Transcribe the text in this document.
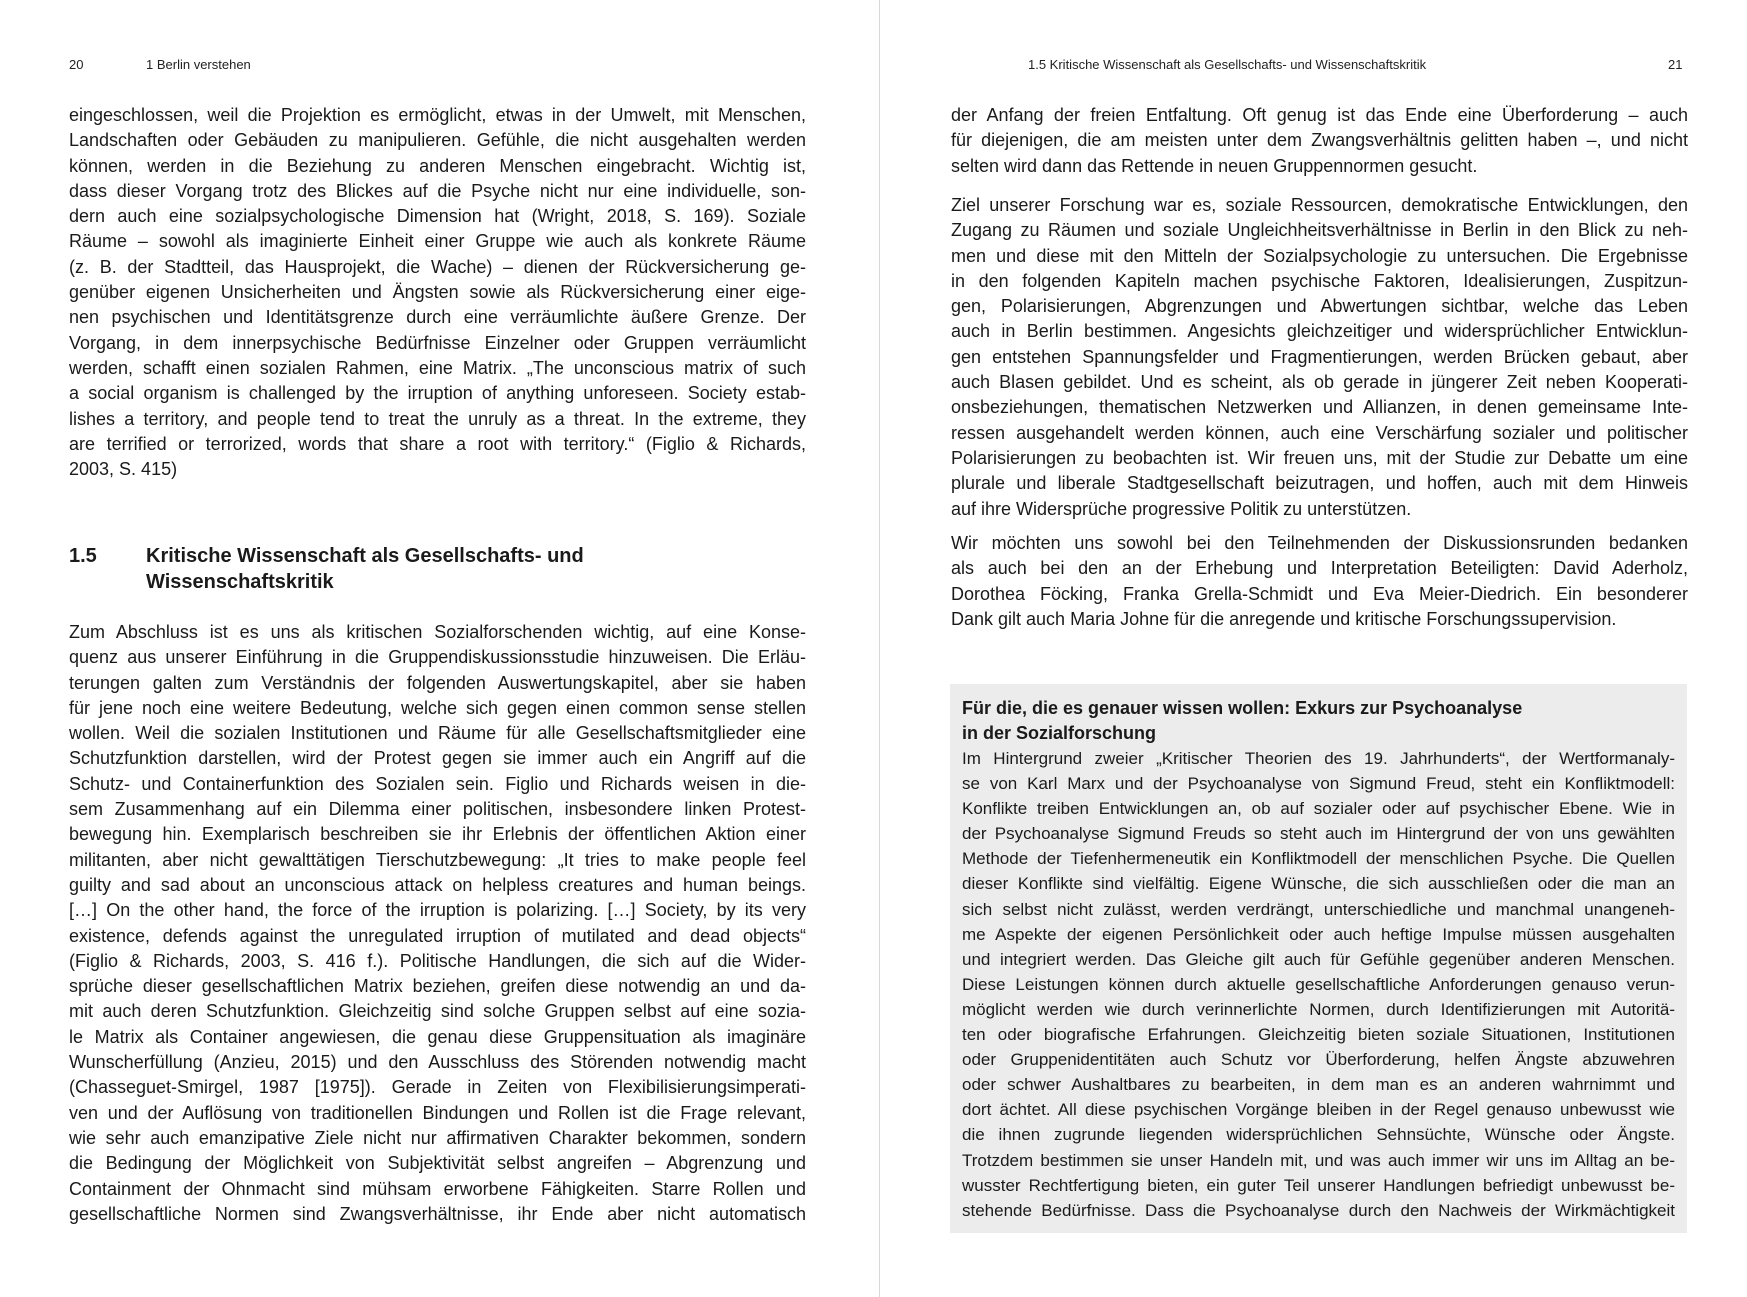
20	1 Berlin verstehen	1.5 Kritische Wissenschaft als Gesellschafts- und Wissenschaftskritik	21
eingeschlossen, weil die Projektion es ermöglicht, etwas in der Umwelt, mit Menschen,
Landschaften oder Gebäuden zu manipulieren. Gefühle, die nicht ausgehalten werden
können, werden in die Beziehung zu anderen Menschen eingebracht. Wichtig ist,
dass dieser Vorgang trotz des Blickes auf die Psyche nicht nur eine individuelle, son-
dern auch eine sozialpsychologische Dimension hat (Wright, 2018, S. 169). Soziale
Räume – sowohl als imaginierte Einheit einer Gruppe wie auch als konkrete Räume
(z. B. der Stadtteil, das Hausprojekt, die Wache) – dienen der Rückversicherung ge-
genüber eigenen Unsicherheiten und Ängsten sowie als Rückversicherung einer eige-
nen psychischen und Identitätsgrenze durch eine verräumlichte äußere Grenze. Der
Vorgang, in dem innerpsychische Bedürfnisse Einzelner oder Gruppen verräumlicht
werden, schafft einen sozialen Rahmen, eine Matrix. „The unconscious matrix of such
a social organism is challenged by the irruption of anything unforeseen. Society estab-
lishes a territory, and people tend to treat the unruly as a threat. In the extreme, they
are terrified or terrorized, words that share a root with territory.“ (Figlio & Richards,
2003, S. 415)
1.5 Kritische Wissenschaft als Gesellschafts- und
Wissenschaftskritik
Zum Abschluss ist es uns als kritischen Sozialforschenden wichtig, auf eine Konse-
quenz aus unserer Einführung in die Gruppendiskussionsstudie hinzuweisen. Die Erläu-
terungen galten zum Verständnis der folgenden Auswertungskapitel, aber sie haben
für jene noch eine weitere Bedeutung, welche sich gegen einen common sense stellen
wollen. Weil die sozialen Institutionen und Räume für alle Gesellschaftsmitglieder eine
Schutzfunktion darstellen, wird der Protest gegen sie immer auch ein Angriff auf die
Schutz- und Containerfunktion des Sozialen sein. Figlio und Richards weisen in die-
sem Zusammenhang auf ein Dilemma einer politischen, insbesondere linken Protest-
bewegung hin. Exemplarisch beschreiben sie ihr Erlebnis der öffentlichen Aktion einer
militanten, aber nicht gewalttätigen Tierschutzbewegung: „It tries to make people feel
guilty and sad about an unconscious attack on helpless creatures and human beings.
[…] On the other hand, the force of the irruption is polarizing. […] Society, by its very
existence, defends against the unregulated irruption of mutilated and dead objects“
(Figlio & Richards, 2003, S. 416 f.). Politische Handlungen, die sich auf die Wider-
sprüche dieser gesellschaftlichen Matrix beziehen, greifen diese notwendig an und da-
mit auch deren Schutzfunktion. Gleichzeitig sind solche Gruppen selbst auf eine sozia-
le Matrix als Container angewiesen, die genau diese Gruppensituation als imaginäre
Wunscherfüllung (Anzieu, 2015) und den Ausschluss des Störenden notwendig macht
(Chasseguet-Smirgel, 1987 [1975]). Gerade in Zeiten von Flexibilisierungsimperati-
ven und der Auflösung von traditionellen Bindungen und Rollen ist die Frage relevant,
wie sehr auch emanzipative Ziele nicht nur affirmativen Charakter bekommen, sondern
die Bedingung der Möglichkeit von Subjektivität selbst angreifen – Abgrenzung und
Containment der Ohnmacht sind mühsam erworbene Fähigkeiten. Starre Rollen und
gesellschaftliche Normen sind Zwangsverhältnisse, ihr Ende aber nicht automatisch
der Anfang der freien Entfaltung. Oft genug ist das Ende eine Überforderung – auch
für diejenigen, die am meisten unter dem Zwangsverhältnis gelitten haben –, und nicht
selten wird dann das Rettende in neuen Gruppennormen gesucht.
Ziel unserer Forschung war es, soziale Ressourcen, demokratische Entwicklungen, den
Zugang zu Räumen und soziale Ungleichheitsverhältnisse in Berlin in den Blick zu neh-
men und diese mit den Mitteln der Sozialpsychologie zu untersuchen. Die Ergebnisse
in den folgenden Kapiteln machen psychische Faktoren, Idealisierungen, Zuspitzun-
gen, Polarisierungen, Abgrenzungen und Abwertungen sichtbar, welche das Leben
auch in Berlin bestimmen. Angesichts gleichzeitiger und widersprüchlicher Entwicklun-
gen entstehen Spannungsfelder und Fragmentierungen, werden Brücken gebaut, aber
auch Blasen gebildet. Und es scheint, als ob gerade in jüngerer Zeit neben Kooperati-
onsbeziehungen, thematischen Netzwerken und Allianzen, in denen gemeinsame Inte-
ressen ausgehandelt werden können, auch eine Verschärfung sozialer und politischer
Polarisierungen zu beobachten ist. Wir freuen uns, mit der Studie zur Debatte um eine
plurale und liberale Stadtgesellschaft beizutragen, und hoffen, auch mit dem Hinweis
auf ihre Widersprüche progressive Politik zu unterstützen.
Wir möchten uns sowohl bei den Teilnehmenden der Diskussionsrunden bedanken
als auch bei den an der Erhebung und Interpretation Beteiligten: David Aderholz,
Dorothea Föcking, Franka Grella-Schmidt und Eva Meier-Diedrich. Ein besonderer
Dank gilt auch Maria Johne für die anregende und kritische Forschungssupervision.
Für die, die es genauer wissen wollen: Exkurs zur Psychoanalyse
in der Sozialforschung
Im Hintergrund zweier „Kritischer Theorien des 19. Jahrhunderts“, der Wertformanaly-
se von Karl Marx und der Psychoanalyse von Sigmund Freud, steht ein Konfliktmodell:
Konflikte treiben Entwicklungen an, ob auf sozialer oder auf psychischer Ebene. Wie in
der Psychoanalyse Sigmund Freuds so steht auch im Hintergrund der von uns gewählten
Methode der Tiefenhermeneutik ein Konfliktmodell der menschlichen Psyche. Die Quellen
dieser Konflikte sind vielfältig. Eigene Wünsche, die sich ausschließen oder die man an
sich selbst nicht zulässt, werden verdrängt, unterschiedliche und manchmal unangeneh-
me Aspekte der eigenen Persönlichkeit oder auch heftige Impulse müssen ausgehalten
und integriert werden. Das Gleiche gilt auch für Gefühle gegenüber anderen Menschen.
Diese Leistungen können durch aktuelle gesellschaftliche Anforderungen genauso verun-
möglicht werden wie durch verinnerlichte Normen, durch Identifizierungen mit Autoritä-
ten oder biografische Erfahrungen. Gleichzeitig bieten soziale Situationen, Institutionen
oder Gruppenidentitäten auch Schutz vor Überforderung, helfen Ängste abzuwehren
oder schwer Aushaltbares zu bearbeiten, in dem man es an anderen wahrnimmt und
dort ächtet. All diese psychischen Vorgänge bleiben in der Regel genauso unbewusst wie
die ihnen zugrunde liegenden widersprüchlichen Sehnsüchte, Wünsche oder Ängste.
Trotzdem bestimmen sie unser Handeln mit, und was auch immer wir uns im Alltag an be-
wusster Rechtfertigung bieten, ein guter Teil unserer Handlungen befriedigt unbewusst be-
stehende Bedürfnisse. Dass die Psychoanalyse durch den Nachweis der Wirkmächtigkeit
